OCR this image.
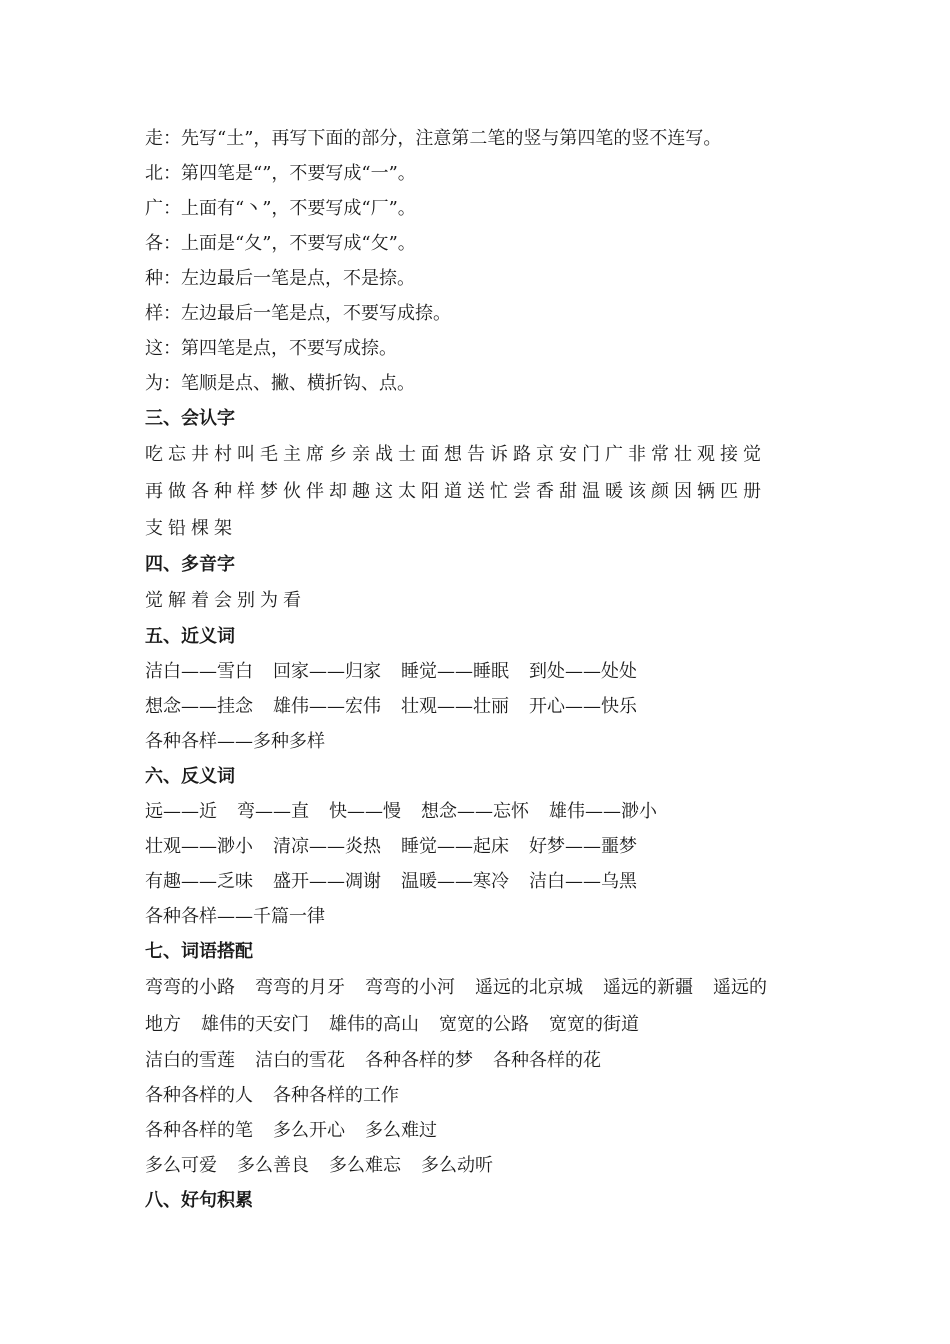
走：先写“土”，再写下面的部分，注意第二笔的竖与第四笔的竖不连写。
北：第四笔是“”，不要写成“一”。
广：上面有“丶”，不要写成“厂”。
各：上面是“夂”，不要写成“攵”。
种：左边最后一笔是点，不是捺。
样：左边最后一笔是点，不要写成捺。
这：第四笔是点，不要写成捺。
为：笔顺是点、撇、横折钩、点。
三、会认字
吃忘井村叫毛主席乡亲战士面想告诉路京安门广非常壮观接觉
再做各种样梦伙伴却趣这太阳道送忙尝香甜温暖该颜因辆匹册
支铅棵架
四、多音字
觉解着会别为看
五、近义词
洁白——雪白 回家——归家 睡觉——睡眠 到处——处处
想念——挂念 雄伟——宏伟 壮观——壮丽 开心——快乐
各种各样——多种多样
六、反义词
远——近 弯——直 快——慢 想念——忘怀 雄伟——渺小
壮观——渺小 清凉——炎热 睡觉——起床 好梦——噩梦
有趣——乏味 盛开——凋谢 温暖——寒冷 洁白——乌黑
各种各样——千篇一律
七、词语搭配
弯弯的小路 弯弯的月牙 弯弯的小河 遥远的北京城 遥远的新疆 遥远的
地方 雄伟的天安门 雄伟的高山 宽宽的公路 宽宽的街道
洁白的雪莲 洁白的雪花 各种各样的梦 各种各样的花
各种各样的人 各种各样的工作
各种各样的笔 多么开心 多么难过
多么可爱 多么善良 多么难忘 多么动听
八、好句积累
